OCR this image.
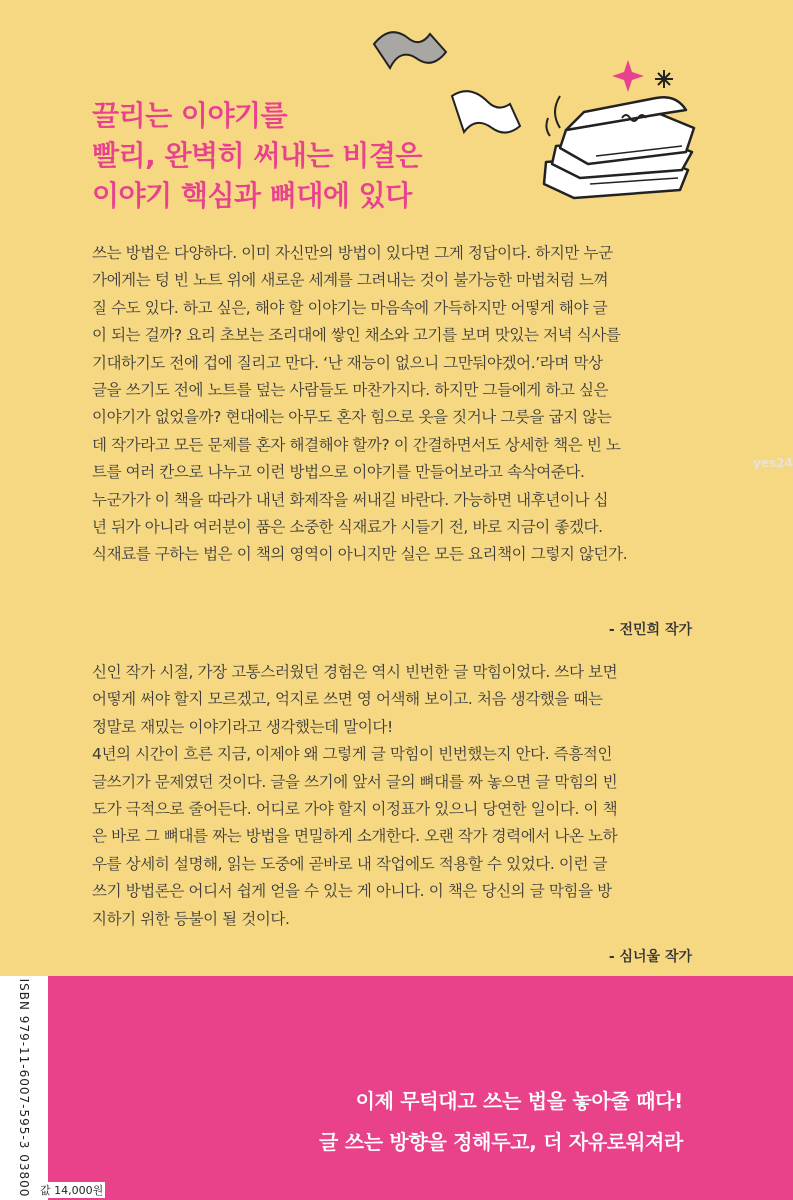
끌리는 이야기를
빨리, 완벽히 써내는 비결은
이야기 핵심과 뼈대에 있다
쓰는 방법은 다양하다. 이미 자신만의 방법이 있다면 그게 정답이다. 하지만 누군
가에게는 텅 빈 노트 위에 새로운 세계를 그려내는 것이 불가능한 마법처럼 느껴
질 수도 있다. 하고 싶은, 해야 할 이야기는 마음속에 가득하지만 어떻게 해야 글
이 되는 걸까? 요리 초보는 조리대에 쌓인 채소와 고기를 보며 맛있는 저녁 식사를
기대하기도 전에 겁에 질리고 만다. ‘난 재능이 없으니 그만둬야겠어.’라며 막상
글을 쓰기도 전에 노트를 덮는 사람들도 마찬가지다. 하지만 그들에게 하고 싶은
이야기가 없었을까? 현대에는 아무도 혼자 힘으로 옷을 짓거나 그릇을 굽지 않는
데 작가라고 모든 문제를 혼자 해결해야 할까? 이 간결하면서도 상세한 책은 빈 노
트를 여러 칸으로 나누고 이런 방법으로 이야기를 만들어보라고 속삭여준다.
누군가가 이 책을 따라가 내년 화제작을 써내길 바란다. 가능하면 내후년이나 십
년 뒤가 아니라 여러분이 품은 소중한 식재료가 시들기 전, 바로 지금이 좋겠다.
식재료를 구하는 법은 이 책의 영역이 아니지만 실은 모든 요리책이 그렇지 않던가.
- 전민희 작가
yes24
신인 작가 시절, 가장 고통스러웠던 경험은 역시 빈번한 글 막힘이었다. 쓰다 보면
어떻게 써야 할지 모르겠고, 억지로 쓰면 영 어색해 보이고. 처음 생각했을 때는
정말로 재밌는 이야기라고 생각했는데 말이다!
4년의 시간이 흐른 지금, 이제야 왜 그렇게 글 막힘이 빈번했는지 안다. 즉흥적인
글쓰기가 문제였던 것이다. 글을 쓰기에 앞서 글의 뼈대를 짜 놓으면 글 막힘의 빈
도가 극적으로 줄어든다. 어디로 가야 할지 이정표가 있으니 당연한 일이다. 이 책
은 바로 그 뼈대를 짜는 방법을 면밀하게 소개한다. 오랜 작가 경력에서 나온 노하
우를 상세히 설명해, 읽는 도중에 곧바로 내 작업에도 적용할 수 있었다. 이런 글
쓰기 방법론은 어디서 쉽게 얻을 수 있는 게 아니다. 이 책은 당신의 글 막힘을 방
지하기 위한 등불이 될 것이다.
- 심너울 작가
이제 무턱대고 쓰는 법을 놓아줄 때다!
글 쓰는 방향을 정해두고, 더 자유로워져라
ISBN 979-11-6007-595-3 03800 값 14,000원
